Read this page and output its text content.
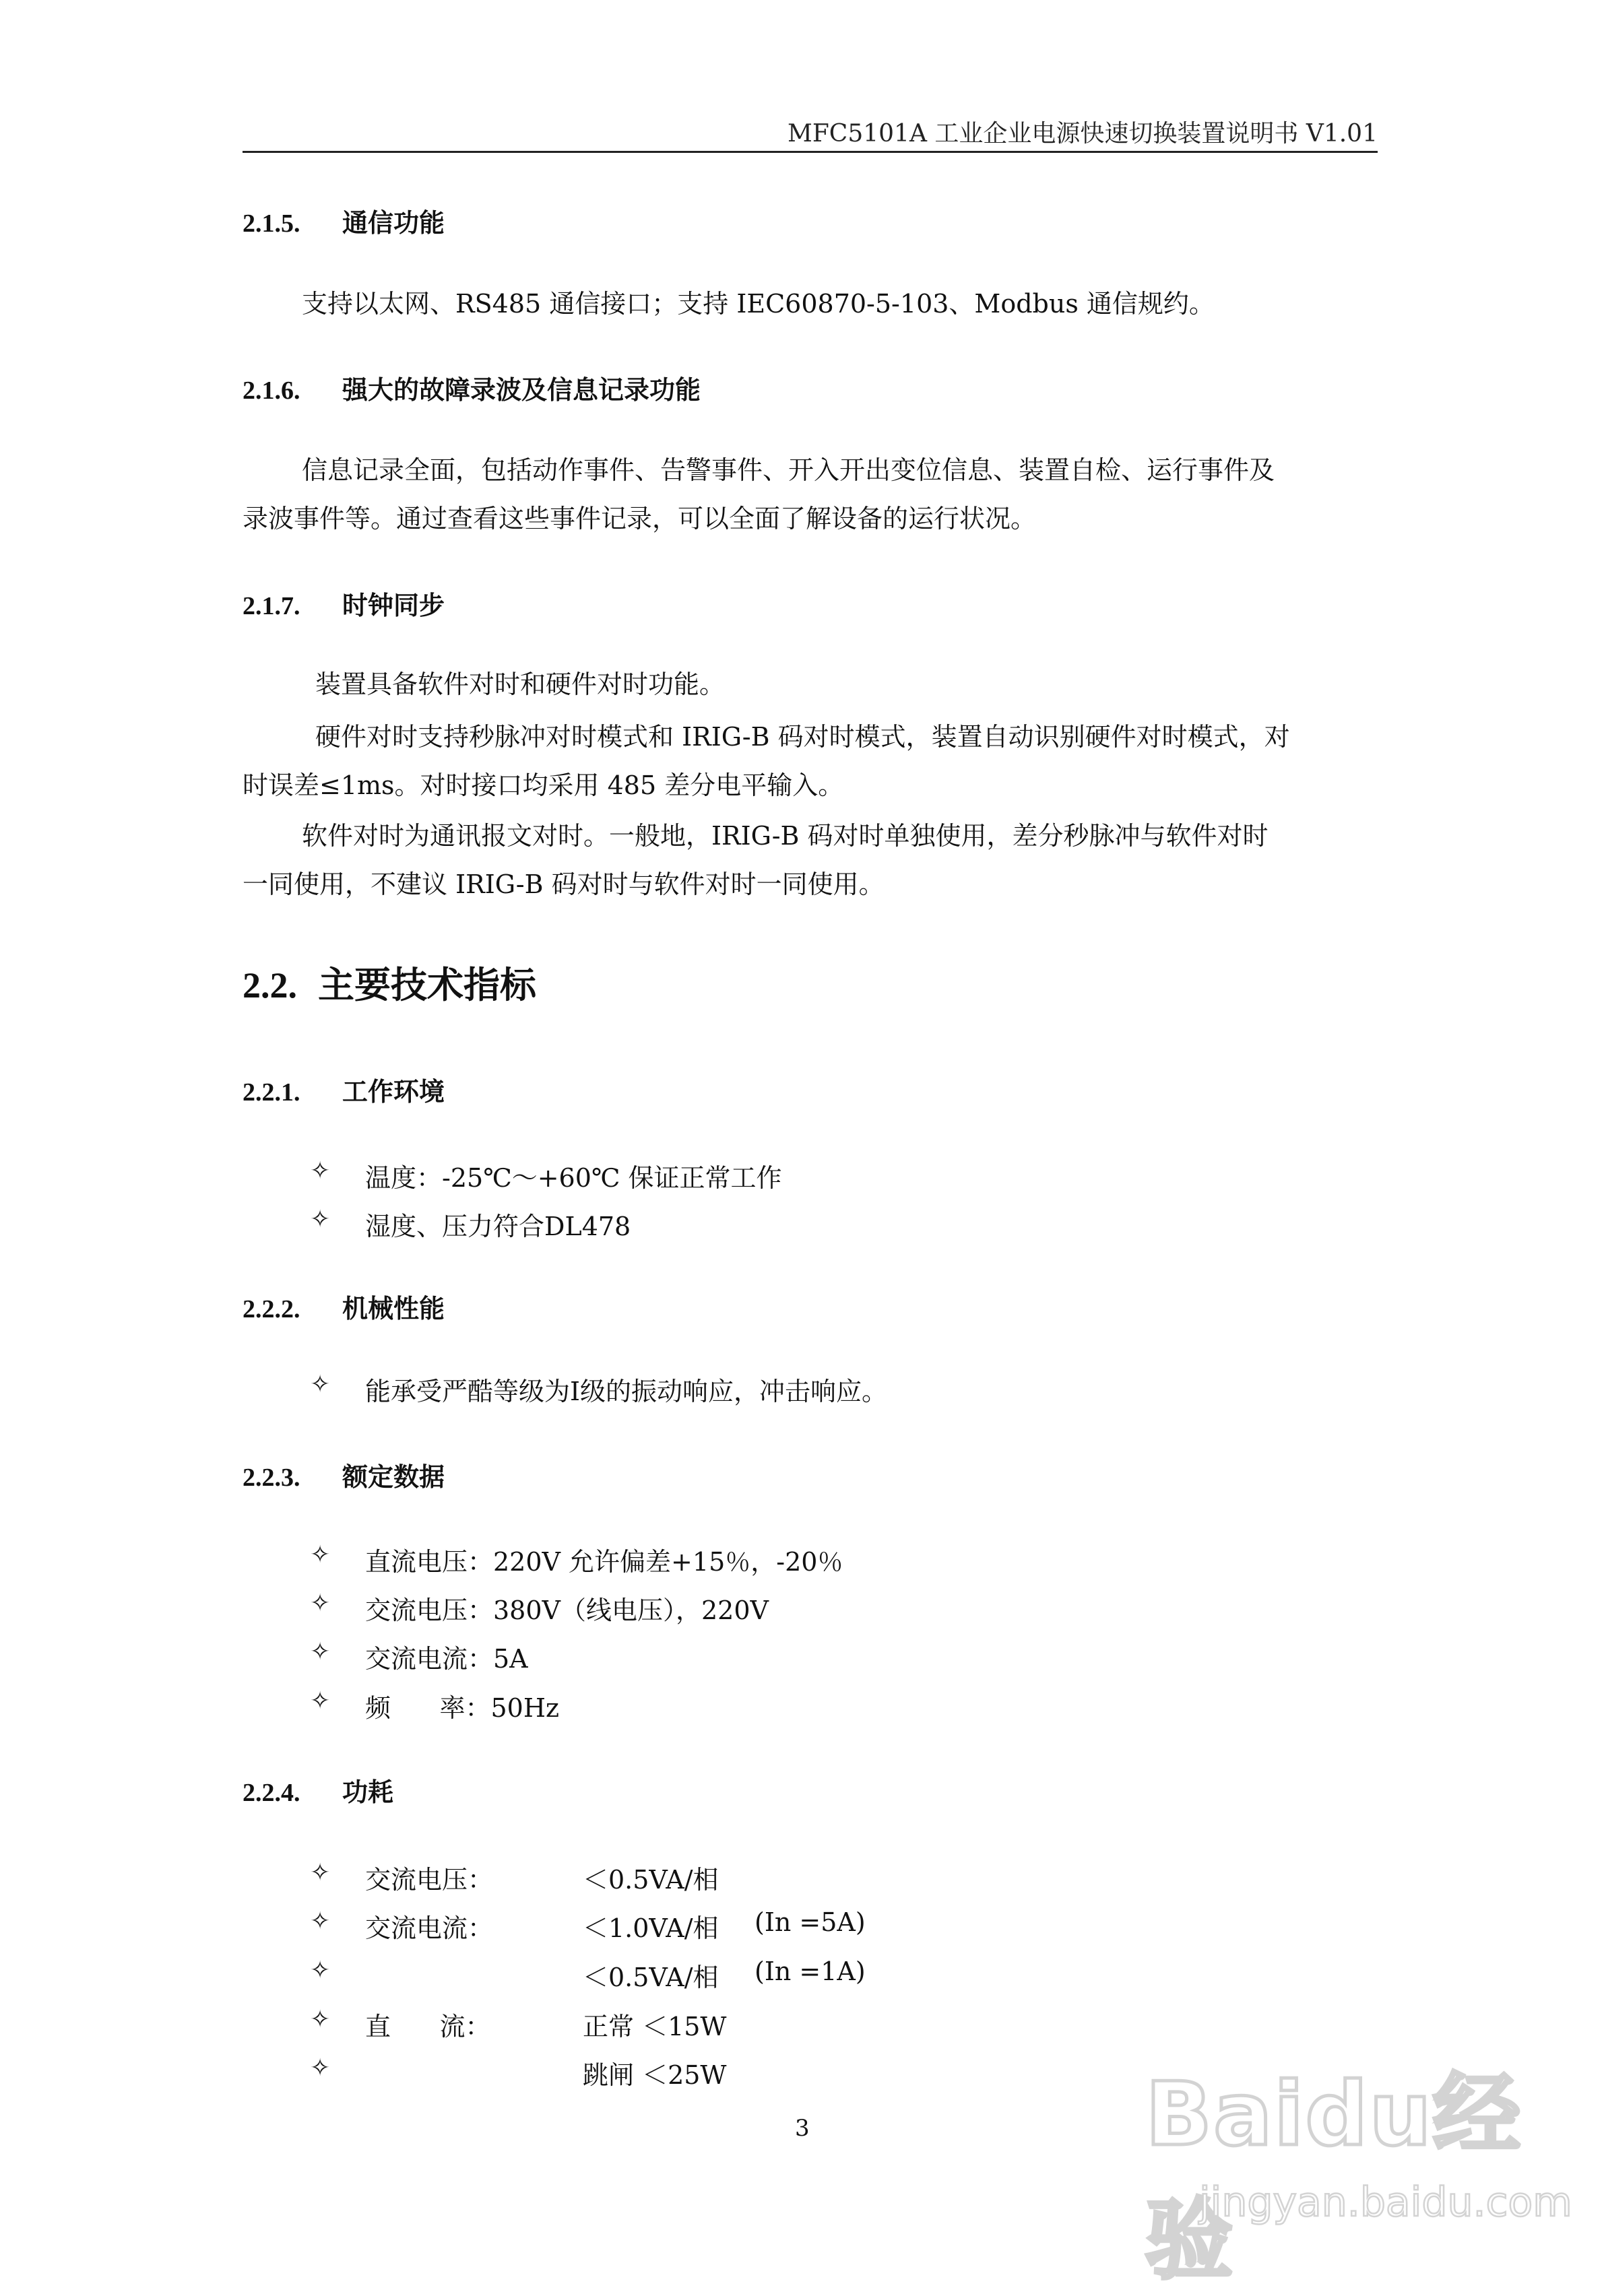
MFC5101A 工业企业电源快速切换装置说明书 V1.01
2.1.5. 通信功能
支持以太网、RS485 通信接口；支持 IEC60870-5-103、Modbus 通信规约。
2.1.6. 强大的故障录波及信息记录功能
信息记录全面，包括动作事件、告警事件、开入开出变位信息、装置自检、运行事件及
录波事件等。通过查看这些事件记录，可以全面了解设备的运行状况。
2.1.7. 时钟同步
装置具备软件对时和硬件对时功能。
硬件对时支持秒脉冲对时模式和 IRIG-B 码对时模式，装置自动识别硬件对时模式，对
时误差≤1ms。对时接口均采用 485 差分电平输入。
软件对时为通讯报文对时。一般地，IRIG-B 码对时单独使用，差分秒脉冲与软件对时
一同使用，不建议 IRIG-B 码对时与软件对时一同使用。
2.2. 主要技术指标
2.2.1. 工作环境
✧ 温度：-25℃～+60℃ 保证正常工作
✧ 湿度、压力符合DL478
2.2.2. 机械性能
✧ 能承受严酷等级为Ⅰ级的振动响应，冲击响应。
2.2.3. 额定数据
✧ 直流电压：220V 允许偏差+15％，-20％
✧ 交流电压：380V（线电压），220V
✧ 交流电流：5A
✧ 频      率：50Hz
2.2.4. 功耗
✧ 交流电压：	＜0.5VA/相
✧ 交流电流：	＜1.0VA/相 (In =5A)
✧	＜0.5VA/相 (In =1A)
✧ 直      流：	正常 ＜15W
✧	跳闸 ＜25W
3	Baidu经验
jingyan.baidu.com
